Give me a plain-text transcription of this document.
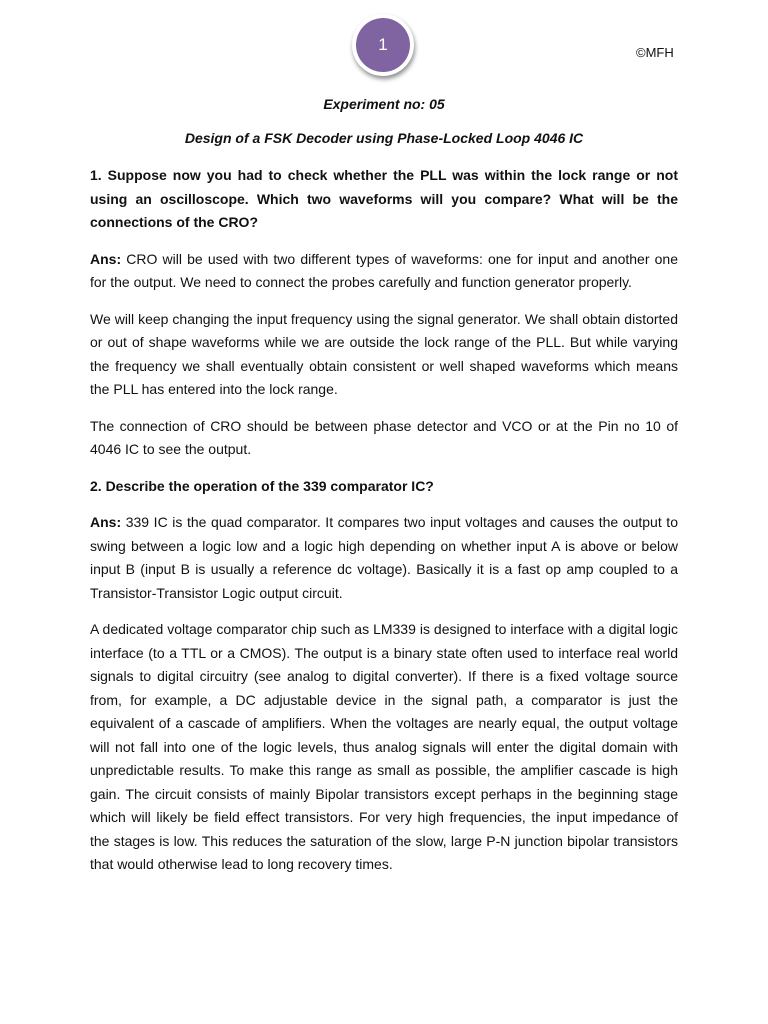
1	©MFH

Experiment no: 05

Design of a FSK Decoder using Phase-Locked Loop 4046 IC

1. Suppose now you had to check whether the PLL was within the lock range or not using an oscilloscope. Which two waveforms will you compare? What will be the connections of the CRO?

Ans: CRO will be used with two different types of waveforms: one for input and another one for the output. We need to connect the probes carefully and function generator properly.

We will keep changing the input frequency using the signal generator. We shall obtain distorted or out of shape waveforms while we are outside the lock range of the PLL. But while varying the frequency we shall eventually obtain consistent or well shaped waveforms which means the PLL has entered into the lock range.

The connection of CRO should be between phase detector and VCO or at the Pin no 10 of 4046 IC to see the output.

2. Describe the operation of the 339 comparator IC?

Ans: 339 IC is the quad comparator. It compares two input voltages and causes the output to swing between a logic low and a logic high depending on whether input A is above or below input B (input B is usually a reference dc voltage). Basically it is a fast op amp coupled to a Transistor-Transistor Logic output circuit.

A dedicated voltage comparator chip such as LM339 is designed to interface with a digital logic interface (to a TTL or a CMOS). The output is a binary state often used to interface real world signals to digital circuitry (see analog to digital converter). If there is a fixed voltage source from, for example, a DC adjustable device in the signal path, a comparator is just the equivalent of a cascade of amplifiers. When the voltages are nearly equal, the output voltage will not fall into one of the logic levels, thus analog signals will enter the digital domain with unpredictable results. To make this range as small as possible, the amplifier cascade is high gain. The circuit consists of mainly Bipolar transistors except perhaps in the beginning stage which will likely be field effect transistors. For very high frequencies, the input impedance of the stages is low. This reduces the saturation of the slow, large P-N junction bipolar transistors that would otherwise lead to long recovery times.
